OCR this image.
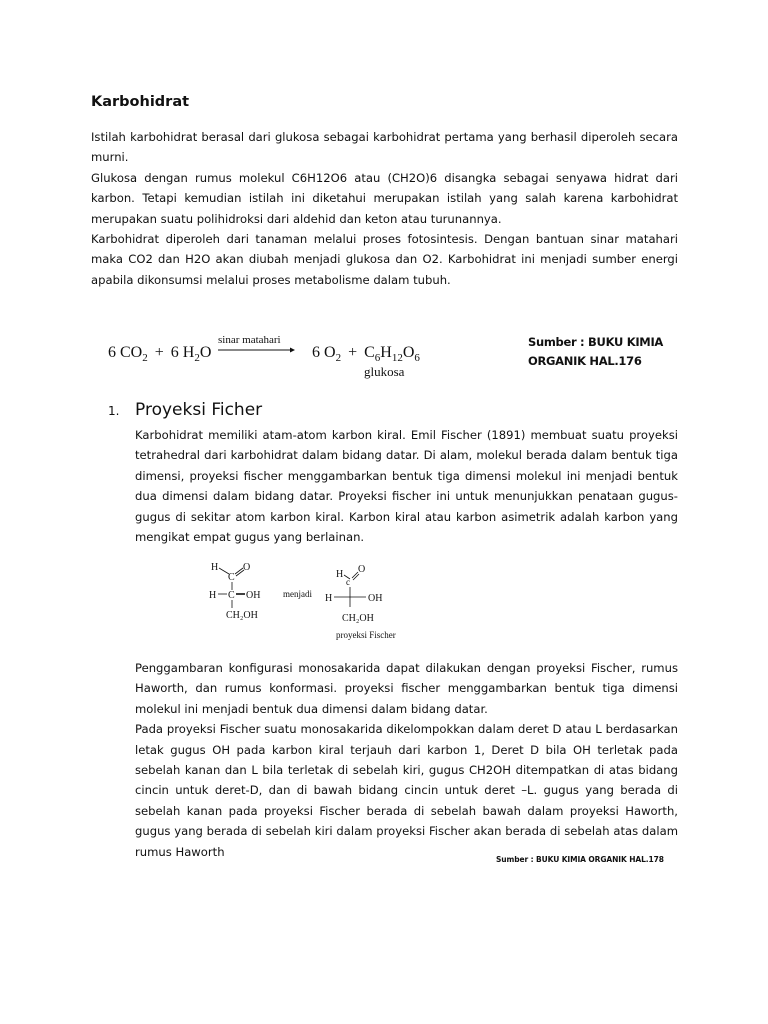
Karbohidrat

Istilah karbohidrat berasal dari glukosa sebagai karbohidrat pertama yang berhasil diperoleh secara murni.

Glukosa dengan rumus molekul C6H12O6 atau (CH2O)6 disangka sebagai senyawa hidrat dari karbon. Tetapi kemudian istilah ini diketahui merupakan istilah yang salah karena karbohidrat merupakan suatu polihidroksi dari aldehid dan keton atau turunannya.

Karbohidrat diperoleh dari tanaman melalui proses fotosintesis. Dengan bantuan sinar matahari maka CO2 dan H2O akan diubah menjadi glukosa dan O2. Karbohidrat ini menjadi sumber energi apabila dikonsumsi melalui proses metabolisme dalam tubuh.

6 $CO_2 + 6$ $H_2O$
sinar matahari
6 $O_2 + C_6H_{12}O_6$
glukosa
Sumber : BUKU KIMIA
ORGANIK HAL.176
1. Proyeksi Ficher
Karbohidrat memiliki atam-atom karbon kiral. Emil Fischer (1891) membuat suatu proyeksi tetrahedral dari karbohidrat dalam bidang datar. Di alam, molekul berada dalam bentuk tiga dimensi, proyeksi fischer menggambarkan bentuk tiga dimensi molekul ini menjadi bentuk dua dimensi dalam bidang datar. Proyeksi fischer ini untuk menunjukkan penataan gugus-gugus di sekitar atom karbon kiral. Karbon kiral atau karbon asimetrik adalah karbon yang mengikat empat gugus yang berlainan.
H
C
O
H C OH
CH₂OH
menjadi
H
c
O
H	OH
CH₂OH
proyeksi Fischer

Penggambaran konfigurasi monosakarida dapat dilakukan dengan proyeksi Fischer, rumus Haworth, dan rumus konformasi. proyeksi fischer menggambarkan bentuk tiga dimensi molekul ini menjadi bentuk dua dimensi dalam bidang datar.

Pada proyeksi Fischer suatu monosakarida dikelompokkan dalam deret D atau L berdasarkan letak gugus OH pada karbon kiral terjauh dari karbon 1, Deret D bila OH terletak pada sebelah kanan dan L bila terletak di sebelah kiri, gugus CH2OH ditempatkan di atas bidang cincin untuk deret-D, dan di bawah bidang cincin untuk deret –L. gugus yang berada di sebelah kanan pada proyeksi Fischer berada di sebelah bawah dalam proyeksi Haworth, gugus yang berada di sebelah kiri dalam proyeksi Fischer akan berada di sebelah atas dalam rumus Haworth

Sumber : BUKU KIMIA ORGANIK HAL.178
